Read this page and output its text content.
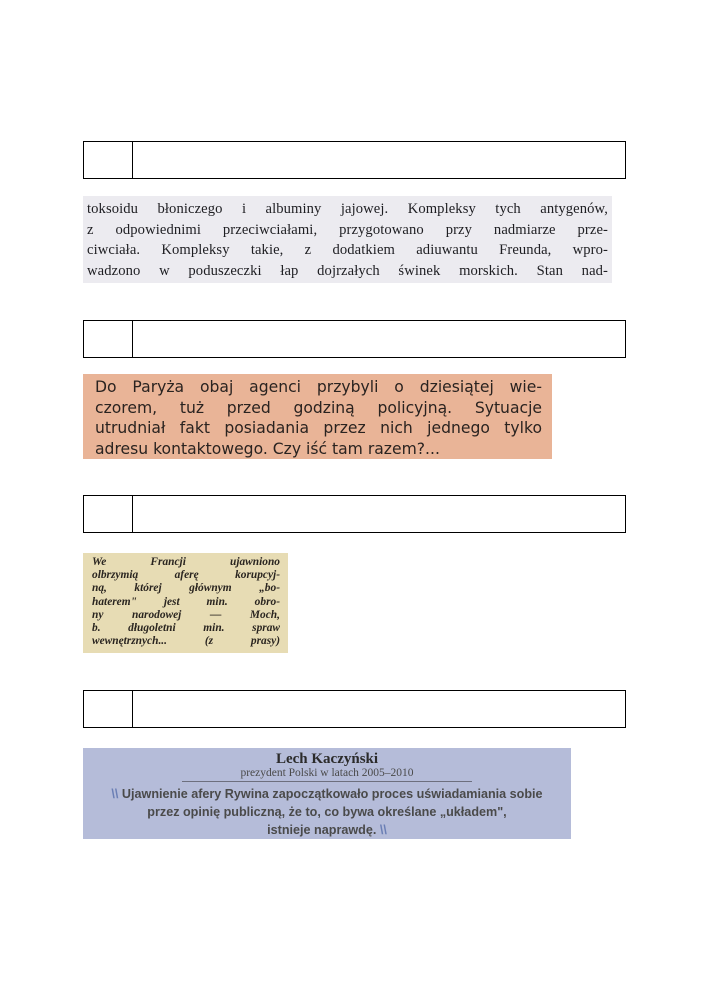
toksoidu błoniczego i albuminy jajowej. Kompleksy tych antygenów,
z odpowiednimi przeciwciałami, przygotowano przy nadmiarze prze-
ciwciała. Kompleksy takie, z dodatkiem adiuwantu Freunda, wpro-
wadzono w poduszeczki łap dojrzałych świnek morskich. Stan nad-
Do Paryża obaj agenci przybyli o dziesiątej wie-
czorem, tuż przed godziną policyjną. Sytuacje
utrudniał fakt posiadania przez nich jednego tylko
adresu kontaktowego. Czy iść tam razem?...
We Francji ujawniono
olbrzymią aferę korupcyj-
ną, której głównym „bo-
haterem" jest min. obro-
ny narodowej — Moch,
b. długoletni min. spraw
wewnętrznych... (z prasy)
Lech Kaczyński
prezydent Polski w latach 2005–2010
\\ Ujawnienie afery Rywina zapoczątkowało proces uświadamiania sobie
przez opinię publiczną, że to, co bywa określane „układem",
istnieje naprawdę. \\
